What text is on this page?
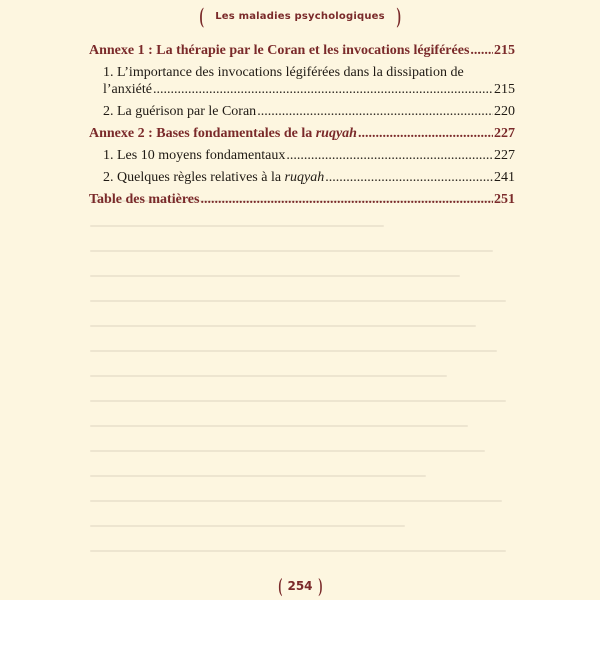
( Les maladies psychologiques )
Annexe 1 : La thérapie par le Coran et les invocations légiférées ..... 215
1. L’importance des invocations légiférées dans la dissipation de
l’anxiété .....	215
2. La guérison par le Coran .....	220
Annexe 2 : Bases fondamentales de la ruqyah .....	227
1. Les 10 moyens fondamentaux .....	227
2. Quelques règles relatives à la ruqyah .....	241
Table des matières .....	251
( 254 )
